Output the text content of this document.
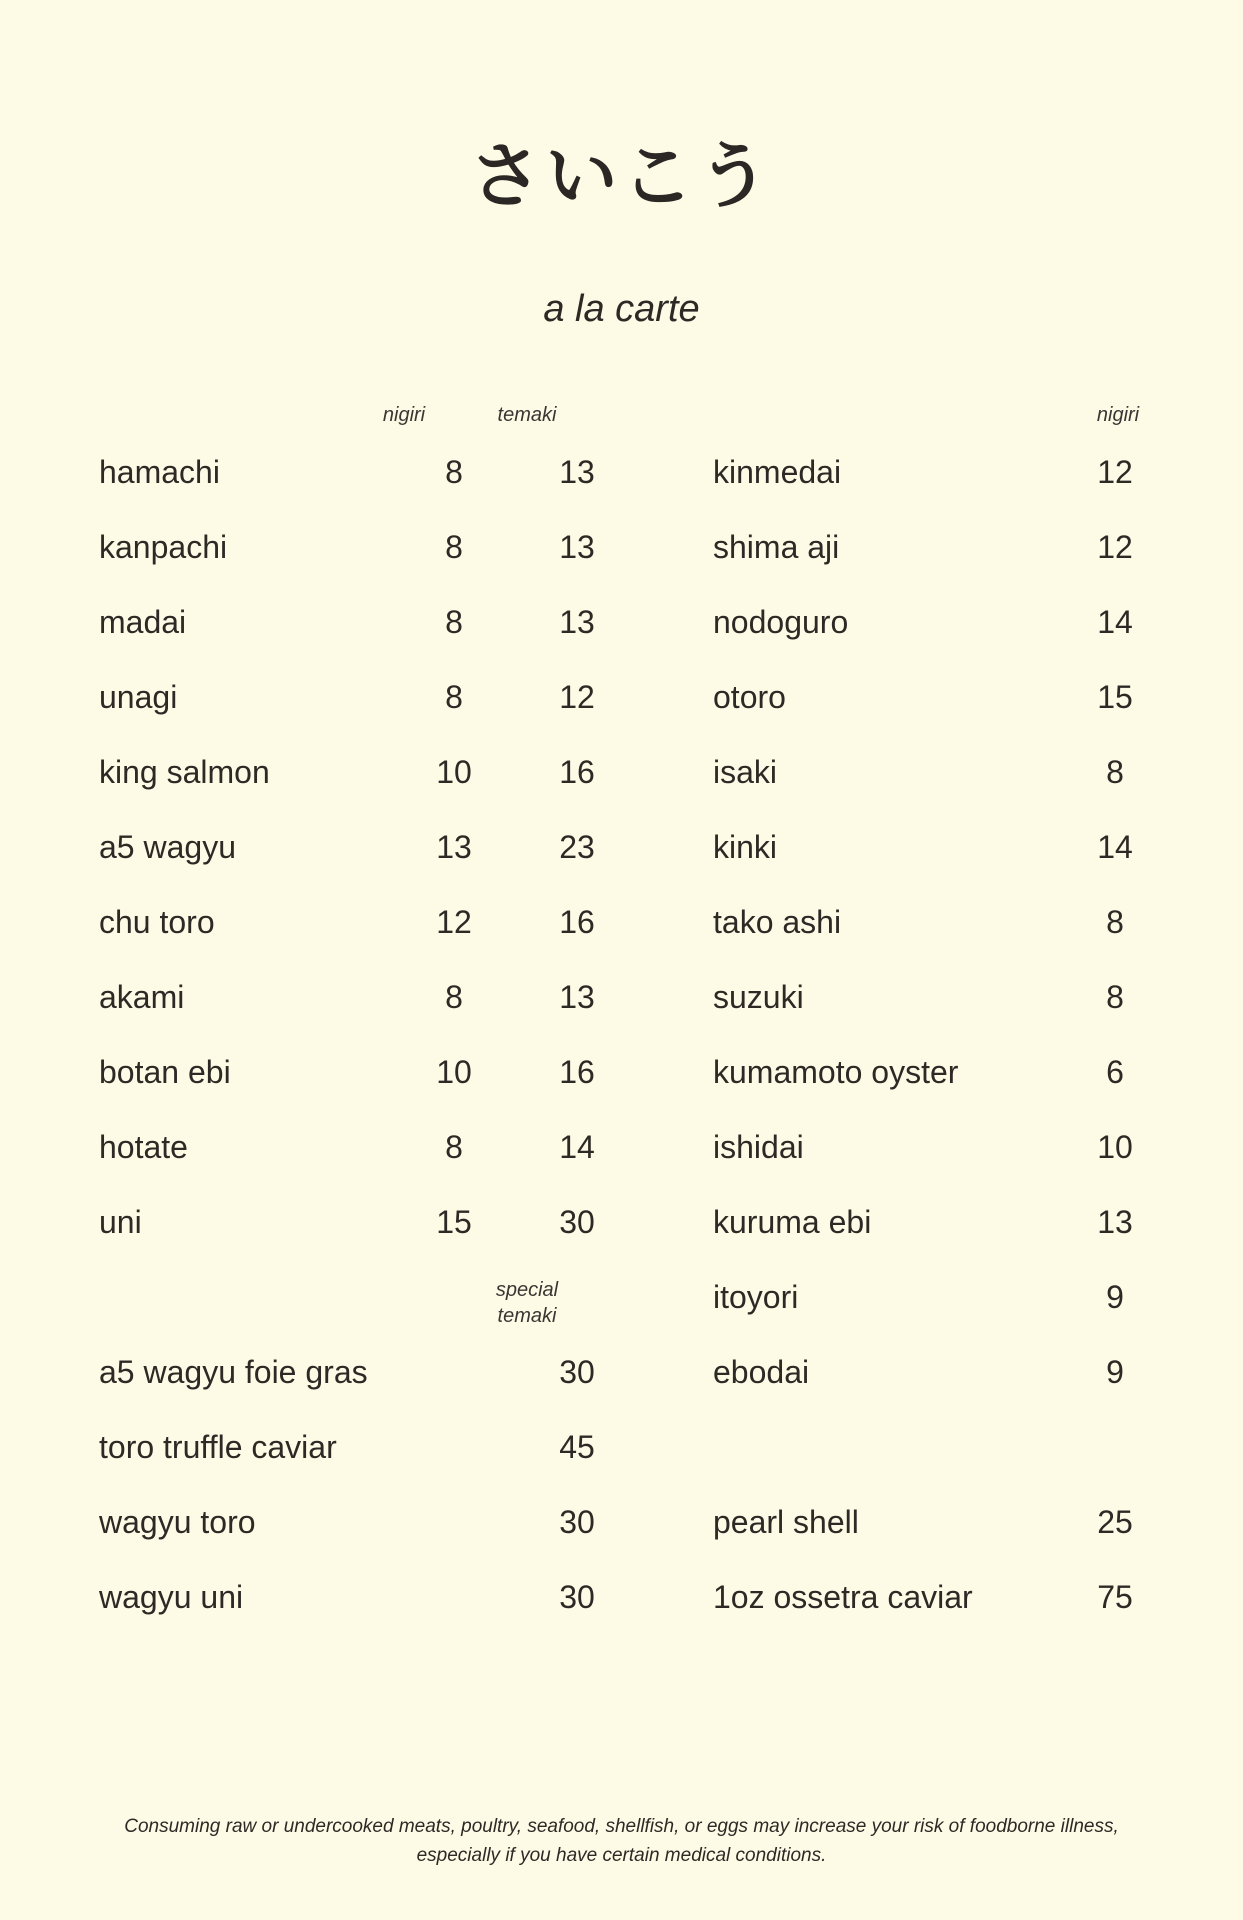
さいこう
a la carte
nigiri	temaki	nigiri
hamachi	8	13
kanpachi	8	13
madai	8	13
unagi	8	12
king salmon	10	16
a5 wagyu	13	23
chu toro	12	16
akami	8	13
botan ebi	10	16
hotate	8	14
uni	15	30
special
temaki
a5 wagyu foie gras	30
toro truffle caviar	45
wagyu toro	30
wagyu uni	30
kinmedai	12
shima aji	12
nodoguro	14
otoro	15
isaki	8
kinki	14
tako ashi	8
suzuki	8
kumamoto oyster	6
ishidai	10
kuruma ebi	13
itoyori	9
ebodai	9
pearl shell	25
1oz ossetra caviar	75
Consuming raw or undercooked meats, poultry, seafood, shellfish, or eggs may increase your risk of foodborne illness,
especially if you have certain medical conditions.
